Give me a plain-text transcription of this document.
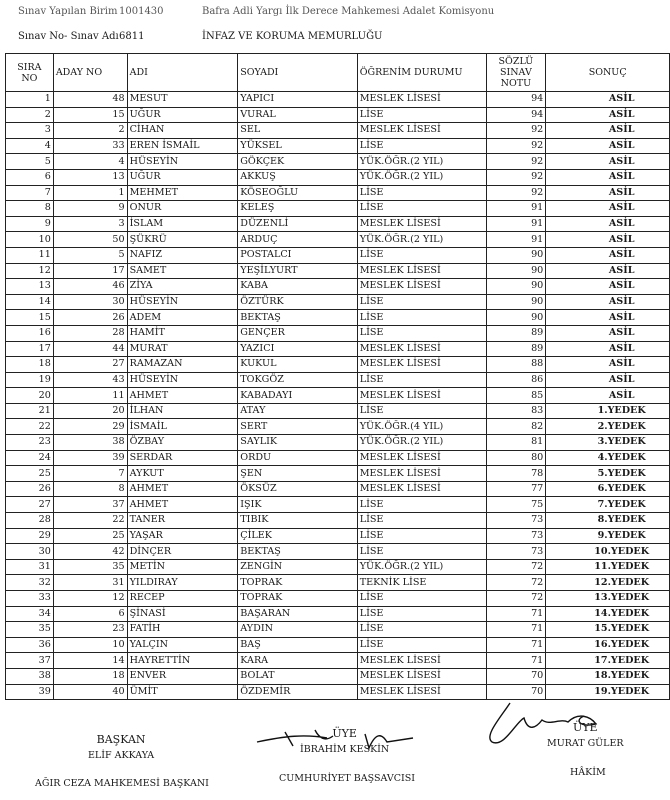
Sınav Yapılan Birim 1001430	Bafra Adli Yargı İlk Derece Mahkemesi Adalet Komisyonu
Sınav No- Sınav Adı 6811	İNFAZ VE KORUMA MEMURLUĞU
SIRA NO	ADAY NO	ADI	SOYADI	ÖĞRENİM DURUMU	SÖZLÜ SINAV NOTU	SONUÇ
1	48	MESUT	YAPICI	MESLEK LİSESİ	94	ASİL
2	15	UĞUR	VURAL	LİSE	94	ASİL
3	2	CİHAN	SEL	MESLEK LİSESİ	92	ASİL
4	33	EREN İSMAİL	YÜKSEL	LİSE	92	ASİL
5	4	HÜSEYİN	GÖKÇEK	YÜK.ÖĞR.(2 YIL)	92	ASİL
6	13	UĞUR	AKKUŞ	YÜK.ÖĞR.(2 YIL)	92	ASİL
7	1	MEHMET	KÖSEOĞLU	LİSE	92	ASİL
8	9	ONUR	KELEŞ	LİSE	91	ASİL
9	3	İSLAM	DÜZENLİ	MESLEK LİSESİ	91	ASİL
10	50	ŞÜKRÜ	ARDUÇ	YÜK.ÖĞR.(2 YIL)	91	ASİL
11	5	NAFIZ	POSTALCI	LİSE	90	ASİL
12	17	SAMET	YEŞİLYURT	MESLEK LİSESİ	90	ASİL
13	46	ZİYA	KABA	MESLEK LİSESİ	90	ASİL
14	30	HÜSEYİN	ÖZTÜRK	LİSE	90	ASİL
15	26	ADEM	BEKTAŞ	LİSE	90	ASİL
16	28	HAMİT	GENÇER	LİSE	89	ASİL
17	44	MURAT	YAZICI	MESLEK LİSESİ	89	ASİL
18	27	RAMAZAN	KUKUL	MESLEK LİSESİ	88	ASİL
19	43	HÜSEYİN	TOKGÖZ	LİSE	86	ASİL
20	11	AHMET	KABADAYI	MESLEK LİSESİ	85	ASİL
21	20	İLHAN	ATAY	LİSE	83	1.YEDEK
22	29	İSMAİL	SERT	YÜK.ÖĞR.(4 YIL)	82	2.YEDEK
23	38	ÖZBAY	SAYLIK	YÜK.ÖĞR.(2 YIL)	81	3.YEDEK
24	39	SERDAR	ORDU	MESLEK LİSESİ	80	4.YEDEK
25	7	AYKUT	ŞEN	MESLEK LİSESİ	78	5.YEDEK
26	8	AHMET	ÖKSÜZ	MESLEK LİSESİ	77	6.YEDEK
27	37	AHMET	IŞIK	LİSE	75	7.YEDEK
28	22	TANER	TIBIK	LİSE	73	8.YEDEK
29	25	YAŞAR	ÇİLEK	LİSE	73	9.YEDEK
30	42	DİNÇER	BEKTAŞ	LİSE	73	10.YEDEK
31	35	METİN	ZENGİN	YÜK.ÖĞR.(2 YIL)	72	11.YEDEK
32	31	YILDIRAY	TOPRAK	TEKNİK LİSE	72	12.YEDEK
33	12	RECEP	TOPRAK	LİSE	72	13.YEDEK
34	6	ŞİNASİ	BAŞARAN	LİSE	71	14.YEDEK
35	23	FATİH	AYDIN	LİSE	71	15.YEDEK
36	10	YALÇIN	BAŞ	LİSE	71	16.YEDEK
37	14	HAYRETTİN	KARA	MESLEK LİSESİ	71	17.YEDEK
38	18	ENVER	BOLAT	MESLEK LİSESİ	70	18.YEDEK
39	40	ÜMİT	ÖZDEMİR	MESLEK LİSESİ	70	19.YEDEK
BAŞKAN
ELİF AKKAYA
AĞIR CEZA MAHKEMESİ BAŞKANI
ÜYE
İBRAHİM KESKİN
CUMHURİYET BAŞSAVCISI
ÜYE
MURAT GÜLER
HÂKİM
